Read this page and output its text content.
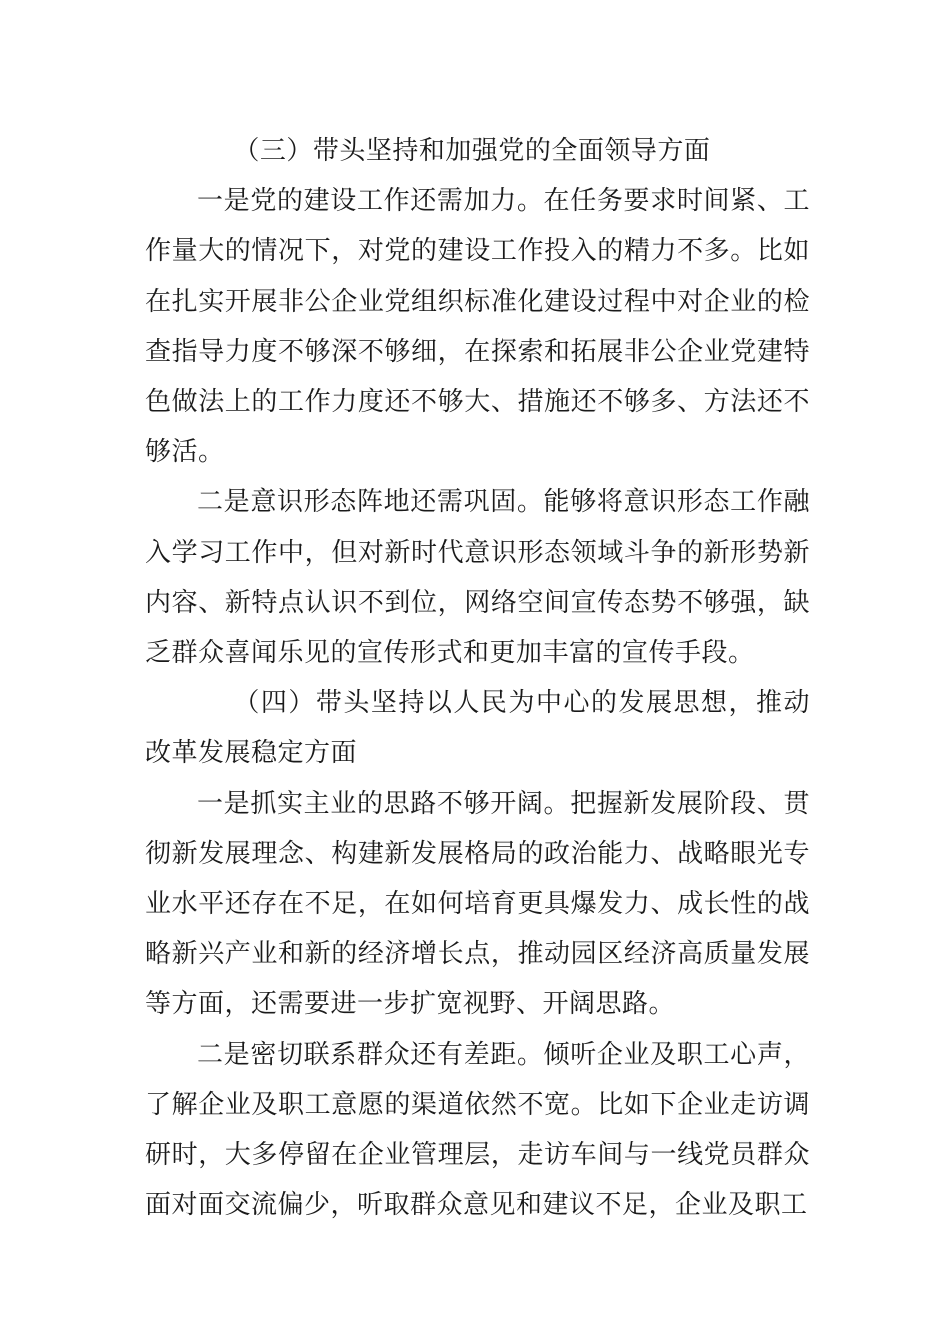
（三）带头坚持和加强党的全面领导方面

一是党的建设工作还需加力。在任务要求时间紧、工作量大的情况下，对党的建设工作投入的精力不多。比如在扎实开展非公企业党组织标准化建设过程中对企业的检查指导力度不够深不够细，在探索和拓展非公企业党建特色做法上的工作力度还不够大、措施还不够多、方法还不够活。

二是意识形态阵地还需巩固。能够将意识形态工作融入学习工作中，但对新时代意识形态领域斗争的新形势新内容、新特点认识不到位，网络空间宣传态势不够强，缺乏群众喜闻乐见的宣传形式和更加丰富的宣传手段。

（四）带头坚持以人民为中心的发展思想，推动改革发展稳定方面

一是抓实主业的思路不够开阔。把握新发展阶段、贯彻新发展理念、构建新发展格局的政治能力、战略眼光专业水平还存在不足，在如何培育更具爆发力、成长性的战略新兴产业和新的经济增长点，推动园区经济高质量发展等方面，还需要进一步扩宽视野、开阔思路。

二是密切联系群众还有差距。倾听企业及职工心声，了解企业及职工意愿的渠道依然不宽。比如下企业走访调研时，大多停留在企业管理层，走访车间与一线党员群众面对面交流偏少，听取群众意见和建议不足，企业及职工
